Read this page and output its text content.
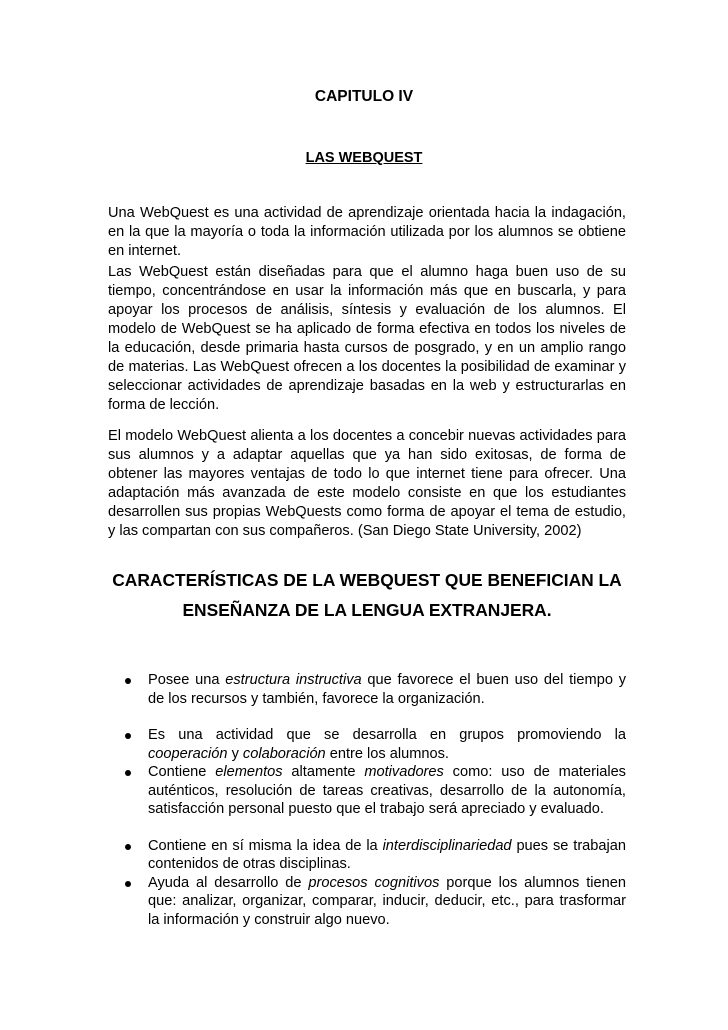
CAPITULO IV
LAS WEBQUEST

Una WebQuest es una actividad de aprendizaje orientada hacia la indagación, en la que la mayoría o toda la información utilizada por los alumnos se obtiene en internet.

Las WebQuest están diseñadas para que el alumno haga buen uso de su tiempo, concentrándose en usar la información más que en buscarla, y para apoyar los procesos de análisis, síntesis y evaluación de los alumnos. El modelo de WebQuest se ha aplicado de forma efectiva en todos los niveles de la educación, desde primaria hasta cursos de posgrado, y en un amplio rango de materias. Las WebQuest ofrecen a los docentes la posibilidad de examinar y seleccionar actividades de aprendizaje basadas en la web y estructurarlas en forma de lección.

El modelo WebQuest alienta a los docentes a concebir nuevas actividades para sus alumnos y a adaptar aquellas que ya han sido exitosas, de forma de obtener las mayores ventajas de todo lo que internet tiene para ofrecer. Una adaptación más avanzada de este modelo consiste en que los estudiantes desarrollen sus propias WebQuests como forma de apoyar el tema de estudio, y las compartan con sus compañeros. (San Diego State University, 2002)

CARACTERÍSTICAS DE LA WEBQUEST QUE BENEFICIAN LA ENSEÑANZA DE LA LENGUA EXTRANJERA.
Posee una estructura instructiva que favorece el buen uso del tiempo y de los recursos y también, favorece la organización.
Es una actividad que se desarrolla en grupos promoviendo la cooperación y colaboración entre los alumnos.
Contiene elementos altamente motivadores como: uso de materiales auténticos, resolución de tareas creativas, desarrollo de la autonomía, satisfacción personal puesto que el trabajo será apreciado y evaluado.
Contiene en sí misma la idea de la interdisciplinariedad pues se trabajan contenidos de otras disciplinas.
Ayuda al desarrollo de procesos cognitivos porque los alumnos tienen que: analizar, organizar, comparar, inducir, deducir, etc., para trasformar la información y construir algo nuevo.
